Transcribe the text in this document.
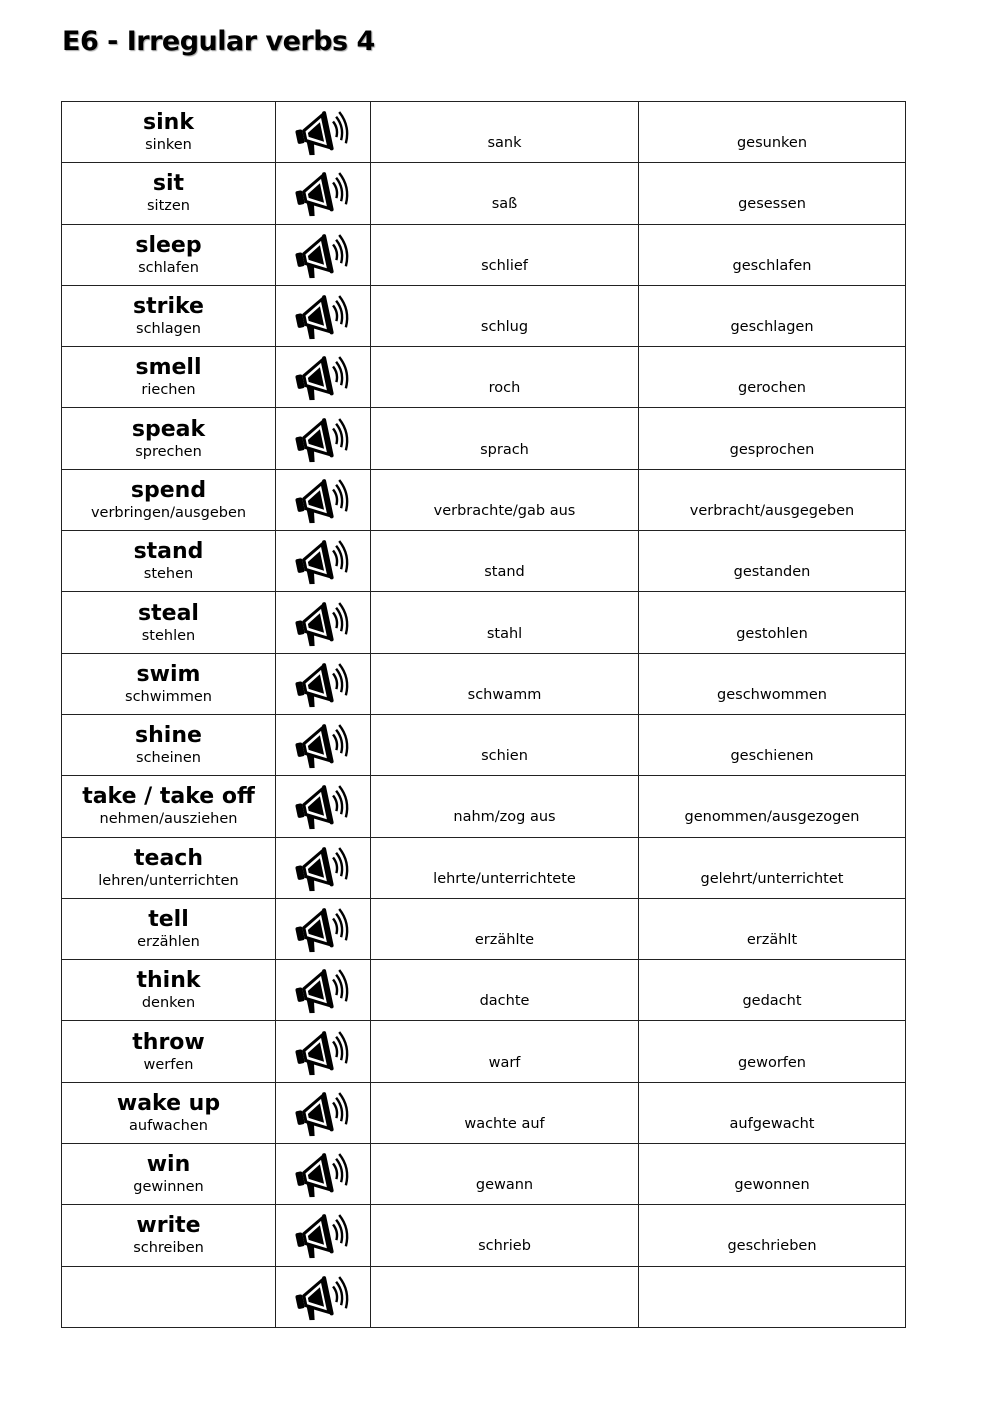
E6 - Irregular verbs 4
sink
sinken		sank	gesunken

sit
sitzen		saß	gesessen

sleep
schlafen		schlief	geschlafen

strike
schlagen		schlug	geschlagen

smell
riechen		roch	gerochen

speak
sprechen		sprach	gesprochen

spend
verbringen/ausgeben		verbrachte/gab aus	verbracht/ausgegeben

stand
stehen		stand	gestanden

steal
stehlen		stahl	gestohlen

swim
schwimmen		schwamm	geschwommen

shine
scheinen		schien	geschienen

take / take off
nehmen/ausziehen		nahm/zog aus	genommen/ausgezogen

teach
lehren/unterrichten		lehrte/unterrichtete	gelehrt/unterrichtet

tell
erzählen		erzählte	erzählt

think
denken		dachte	gedacht

throw
werfen		warf	geworfen

wake up
aufwachen		wachte auf	aufgewacht

win
gewinnen		gewann	gewonnen

write
schreiben		schrieb	geschrieben
